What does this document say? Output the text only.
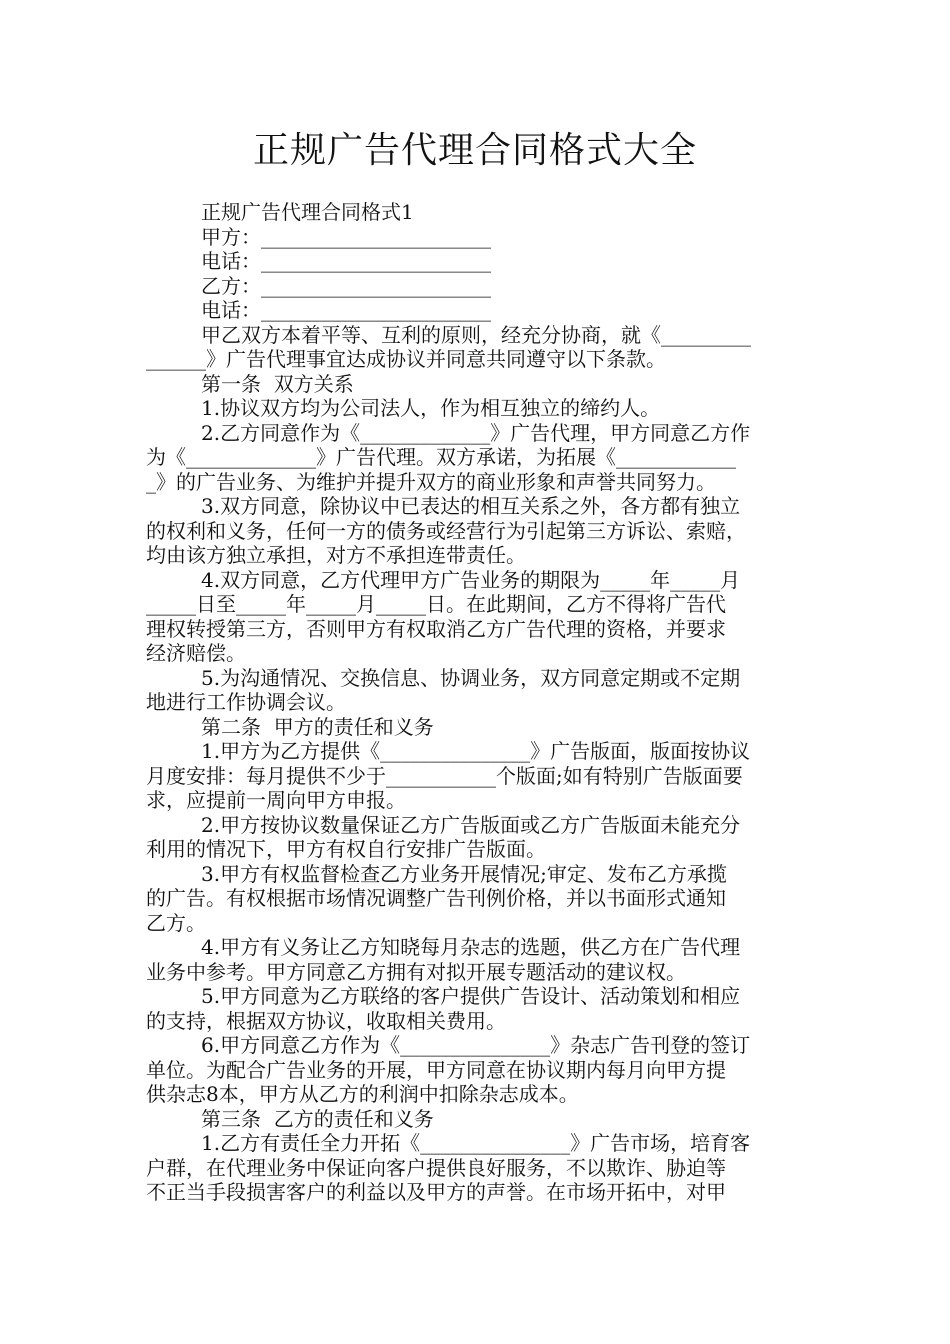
正规广告代理合同格式大全
正规广告代理合同格式1
甲方：_______________________
电话：_______________________
乙方：_______________________
电话：_______________________
甲乙双方本着平等、互利的原则，经充分协商，就《_________
______》广告代理事宜达成协议并同意共同遵守以下条款。
第一条  双方关系
1.协议双方均为公司法人，作为相互独立的缔约人。
2.乙方同意作为《_____________》广告代理，甲方同意乙方作
为《_____________》广告代理。双方承诺，为拓展《____________
_》的广告业务、为维护并提升双方的商业形象和声誉共同努力。
3.双方同意，除协议中已表达的相互关系之外，各方都有独立
的权利和义务，任何一方的债务或经营行为引起第三方诉讼、索赔，
均由该方独立承担，对方不承担连带责任。
4.双方同意，乙方代理甲方广告业务的期限为_____年_____月
_____日至_____年_____月_____日。在此期间，乙方不得将广告代
理权转授第三方，否则甲方有权取消乙方广告代理的资格，并要求
经济赔偿。
5.为沟通情况、交换信息、协调业务，双方同意定期或不定期
地进行工作协调会议。
第二条  甲方的责任和义务
1.甲方为乙方提供《_______________》广告版面，版面按协议
月度安排：每月提供不少于___________个版面;如有特别广告版面要
求，应提前一周向甲方申报。
2.甲方按协议数量保证乙方广告版面或乙方广告版面未能充分
利用的情况下，甲方有权自行安排广告版面。
3.甲方有权监督检查乙方业务开展情况;审定、发布乙方承揽
的广告。有权根据市场情况调整广告刊例价格，并以书面形式通知
乙方。
4.甲方有义务让乙方知晓每月杂志的选题，供乙方在广告代理
业务中参考。甲方同意乙方拥有对拟开展专题活动的建议权。
5.甲方同意为乙方联络的客户提供广告设计、活动策划和相应
的支持，根据双方协议，收取相关费用。
6.甲方同意乙方作为《_______________》杂志广告刊登的签订
单位。为配合广告业务的开展，甲方同意在协议期内每月向甲方提
供杂志8本，甲方从乙方的利润中扣除杂志成本。
第三条  乙方的责任和义务
1.乙方有责任全力开拓《_______________》广告市场，培育客
户群，在代理业务中保证向客户提供良好服务，不以欺诈、胁迫等
不正当手段损害客户的利益以及甲方的声誉。在市场开拓中，对甲
